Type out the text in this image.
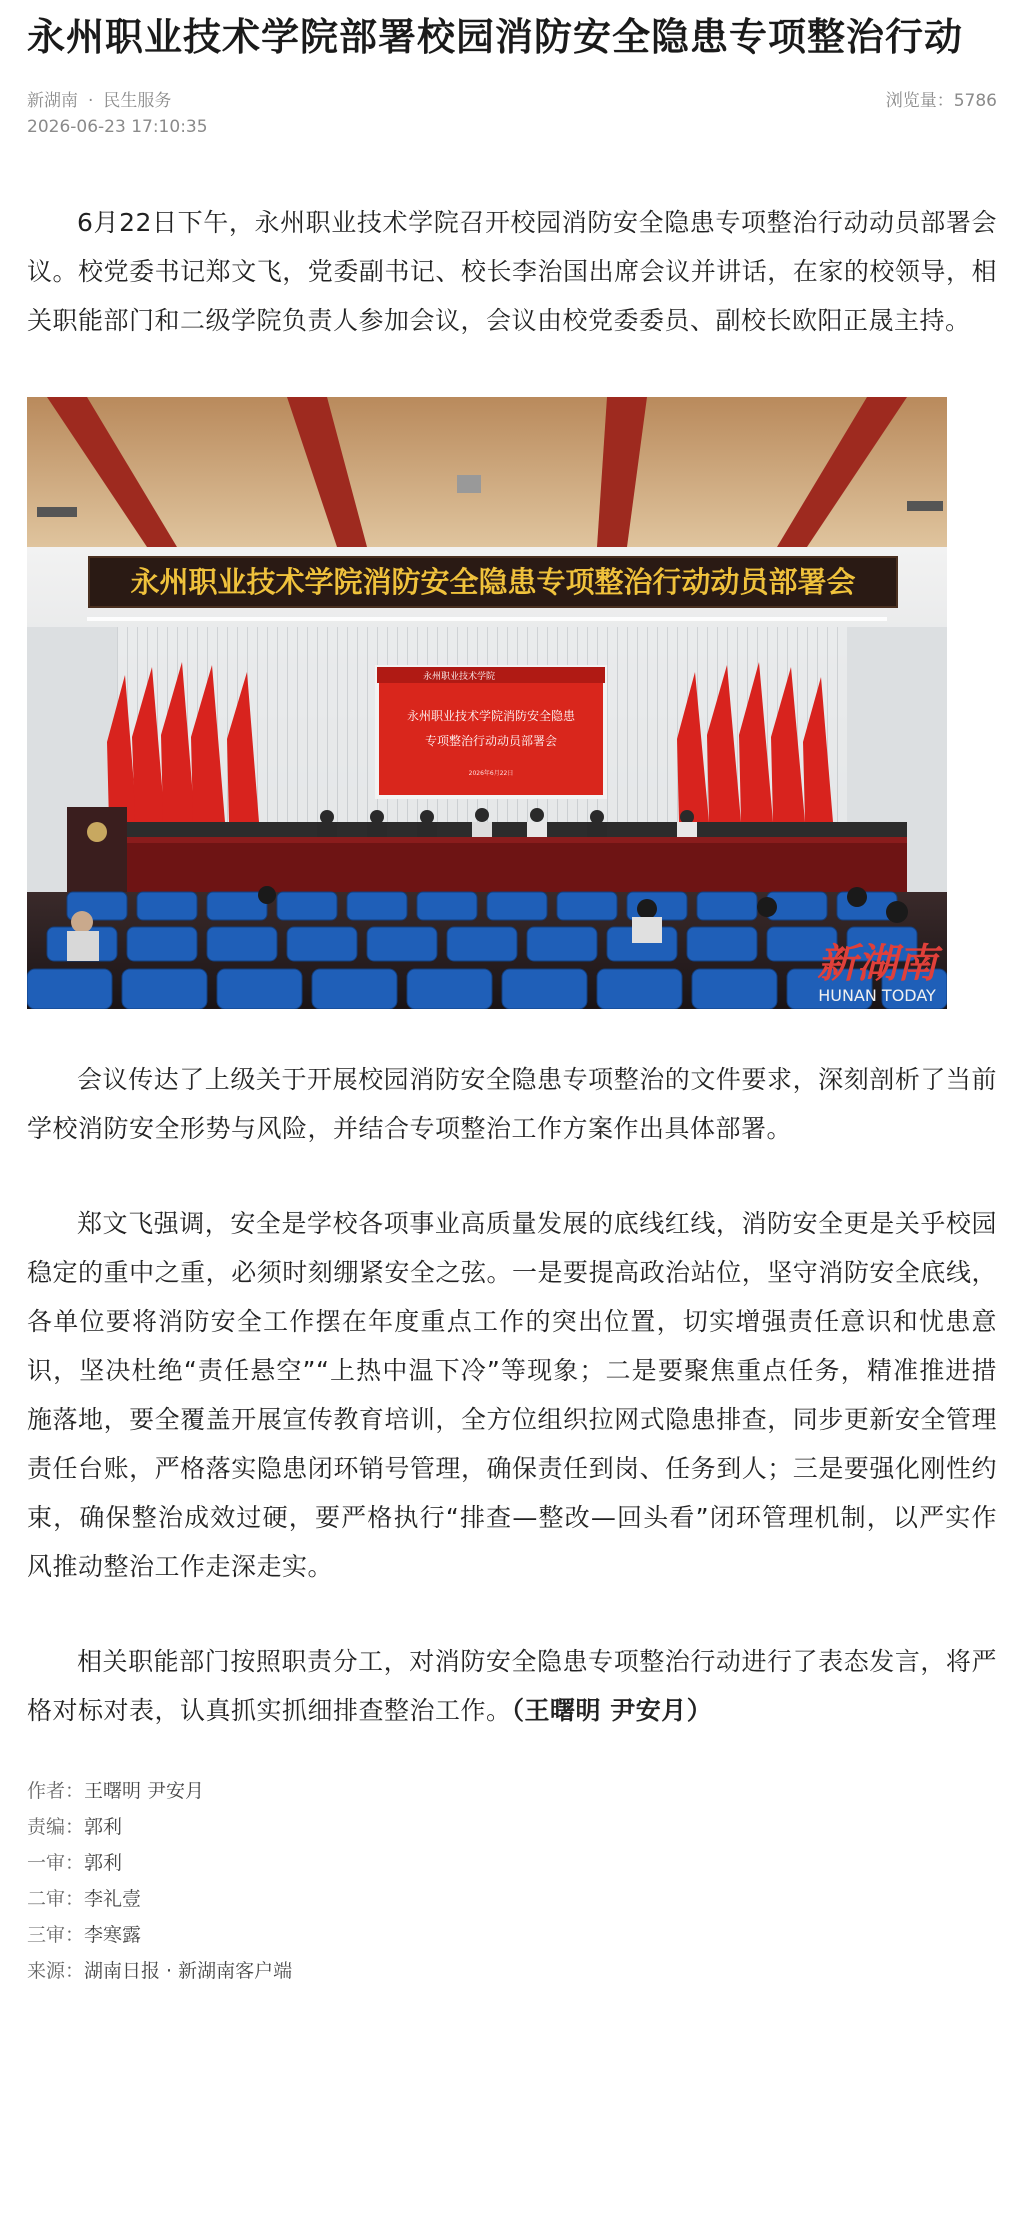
永州职业技术学院部署校园消防安全隐患专项整治行动
新湖南 · 民生服务
2026-06-23 17:10:35
浏览量：5786

6月22日下午，永州职业技术学院召开校园消防安全隐患专项整治行动动员部署会议。校党委书记郑文飞，党委副书记、校长李治国出席会议并讲话，在家的校领导，相关职能部门和二级学院负责人参加会议，会议由校党委委员、副校长欧阳正晟主持。

永州职业技术学院消防安全隐患专项整治行动动员部署会
永州职业技术学院
永州职业技术学院消防安全隐患
专项整治行动动员部署会
2026年6月22日
新湖南
HUNAN TODAY

会议传达了上级关于开展校园消防安全隐患专项整治的文件要求，深刻剖析了当前学校消防安全形势与风险，并结合专项整治工作方案作出具体部署。

郑文飞强调，安全是学校各项事业高质量发展的底线红线，消防安全更是关乎校园稳定的重中之重，必须时刻绷紧安全之弦。一是要提高政治站位，坚守消防安全底线，各单位要将消防安全工作摆在年度重点工作的突出位置，切实增强责任意识和忧患意识，坚决杜绝“责任悬空”“上热中温下冷”等现象；二是要聚焦重点任务，精准推进措施落地，要全覆盖开展宣传教育培训，全方位组织拉网式隐患排查，同步更新安全管理责任台账，严格落实隐患闭环销号管理，确保责任到岗、任务到人；三是要强化刚性约束，确保整治成效过硬，要严格执行“排查—整改—回头看”闭环管理机制，以严实作风推动整治工作走深走实。

相关职能部门按照职责分工，对消防安全隐患专项整治行动进行了表态发言，将严格对标对表，认真抓实抓细排查整治工作。（王曙明 尹安月）

作者：王曙明 尹安月
责编：郭利
一审：郭利
二审：李礼壹
三审：李寒露
来源：湖南日报 · 新湖南客户端
